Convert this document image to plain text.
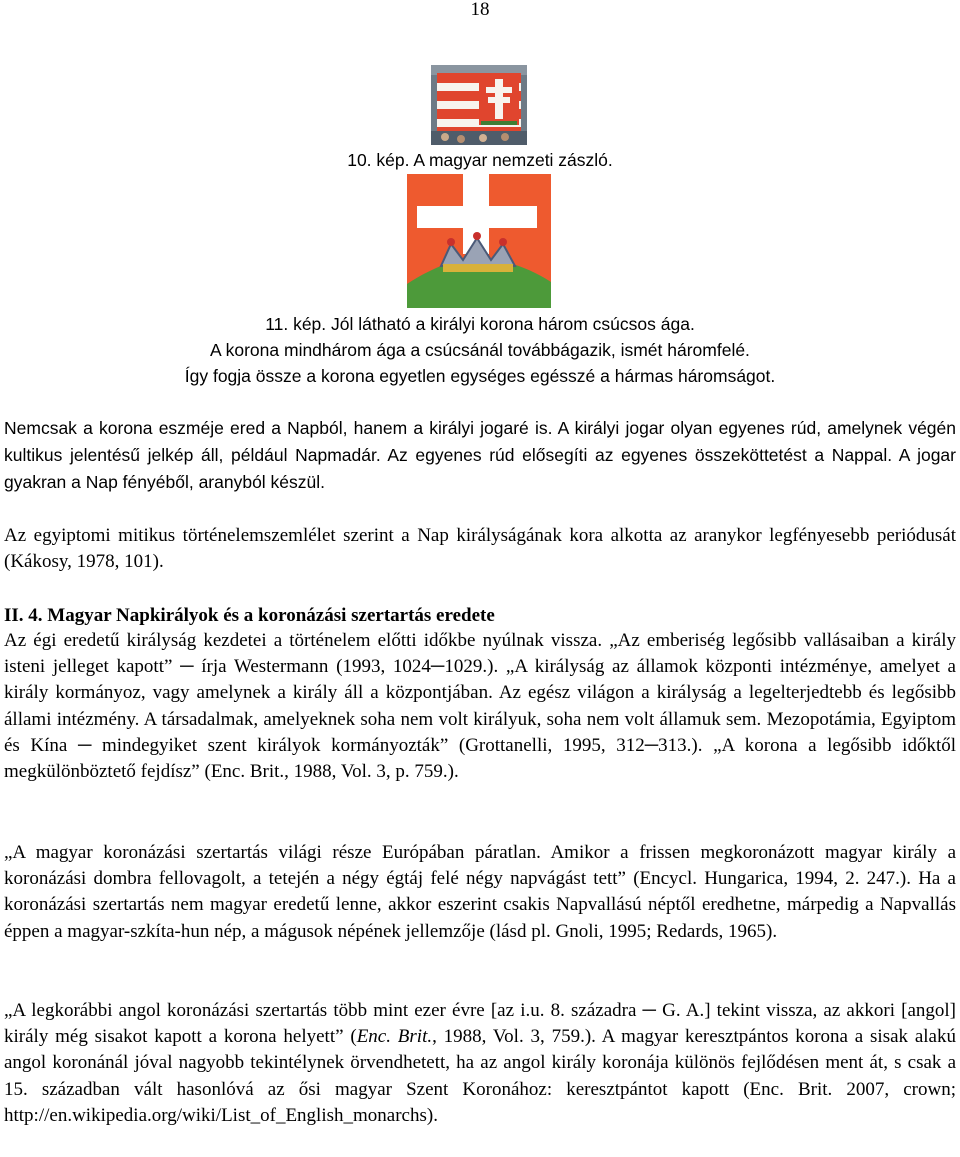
18
10. kép. A magyar nemzeti zászló.
11. kép. Jól látható a királyi korona három csúcsos ága.
A korona mindhárom ága a csúcsánál továbbágazik, ismét háromfelé.
Így fogja össze a korona egyetlen egységes egésszé a hármas háromságot.
Nemcsak a korona eszméje ered a Napból, hanem a királyi jogaré is. A királyi jogar olyan egyenes rúd, amelynek végén kultikus jelentésű jelkép áll, például Napmadár. Az egyenes rúd elősegíti az egyenes összeköttetést a Nappal. A jogar gyakran a Nap fényéből, aranyból készül.
Az egyiptomi mitikus történelemszemlélet szerint a Nap királyságának kora alkotta az aranykor legfényesebb periódusát (Kákosy, 1978, 101).
II. 4. Magyar Napkirályok és a koronázási szertartás eredete
Az égi eredetű királyság kezdetei a történelem előtti időkbe nyúlnak vissza. „Az emberiség legősibb vallásaiban a király isteni jelleget kapott” ─ írja Westermann (1993, 1024─1029.). „A királyság az államok központi intézménye, amelyet a király kormányoz, vagy amelynek a király áll a központjában. Az egész világon a királyság a legelterjedtebb és legősibb állami intézmény. A társadalmak, amelyeknek soha nem volt királyuk, soha nem volt államuk sem. Mezopotámia, Egyiptom és Kína ─ mindegyiket szent királyok kormányozták” (Grottanelli, 1995, 312─313.). „A korona a legősibb időktől megkülönböztető fejdísz” (Enc. Brit., 1988, Vol. 3, p. 759.).
„A magyar koronázási szertartás világi része Európában páratlan. Amikor a frissen megkoronázott magyar király a koronázási dombra fellovagolt, a tetején a négy égtáj felé négy napvágást tett” (Encycl. Hungarica, 1994, 2. 247.). Ha a koronázási szertartás nem magyar eredetű lenne, akkor eszerint csakis Napvallású néptől eredhetne, márpedig a Napvallás éppen a magyar-szkíta-hun nép, a mágusok népének jellemzője (lásd pl. Gnoli, 1995; Redards, 1965).
„A legkorábbi angol koronázási szertartás több mint ezer évre [az i.u. 8. századra ─ G. A.] tekint vissza, az akkori [angol] király még sisakot kapott a korona helyett” (Enc. Brit., 1988, Vol. 3, 759.). A magyar keresztpántos korona a sisak alakú angol koronánál jóval nagyobb tekintélynek örvendhetett, ha az angol király koronája különös fejlődésen ment át, s csak a 15. században vált hasonlóvá az ősi magyar Szent Koronához: keresztpántot kapott (Enc. Brit. 2007, crown; http://en.wikipedia.org/wiki/List_of_English_monarchs).
